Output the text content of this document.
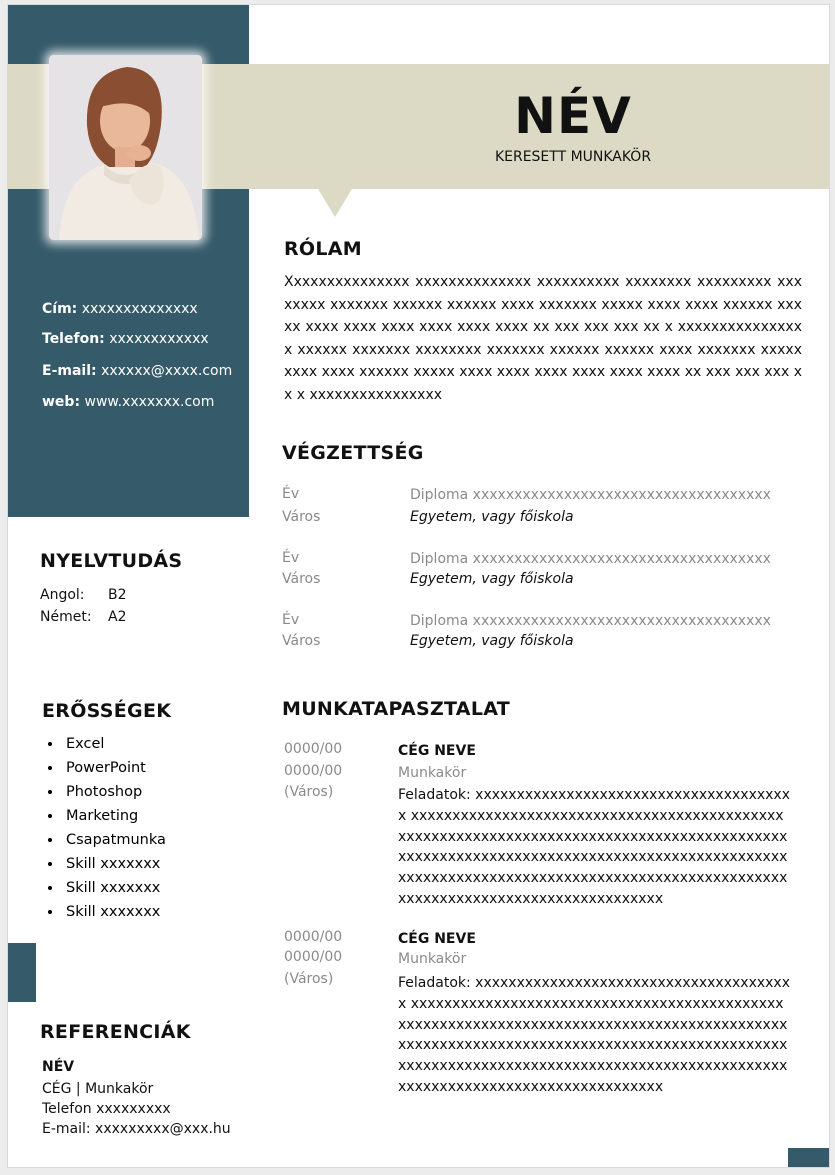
NÉV
KERESETT MUNKAKÖR
Cím: xxxxxxxxxxxxxx
Telefon: xxxxxxxxxxxx
E-mail: xxxxxx@xxxx.com
web: www.xxxxxxx.com
NYELVTUDÁS
Angol: B2
Német: A2
ERŐSSÉGEK
• Excel
• PowerPoint
• Photoshop
• Marketing
• Csapatmunka
• Skill xxxxxxx
• Skill xxxxxxx
• Skill xxxxxxx
REFERENCIÁK
NÉV
CÉG | Munkakör
Telefon xxxxxxxxx
E-mail: xxxxxxxxx@xxx.hu
RÓLAM
Xxxxxxxxxxxxxxx xxxxxxxxxxxxxx xxxxxxxxxx xxxxxxxx xxxxxxxxx xxxxxxxx xxxxxxx xxxxxx xxxxxx xxxx xxxxxxx xxxxx xxxx xxxx xxxxxx xxxxx xxxx xxxx xxxx xxxx xxxx xxxx xx xxx xxx xxx xx x xxxxxxxxxxxxxxxx xxxxxx xxxxxxx xxxxxxxx xxxxxxx xxxxxx xxxxxx xxxx xxxxxxx xxxxx xxxx xxxx xxxxxx xxxxx xxxx xxxx xxxx xxxx xxxx xxxx xx xxx xxx xxx xx x xxxxxxxxxxxxxxxx
VÉGZETTSÉG
Év
Város
Diploma xxxxxxxxxxxxxxxxxxxxxxxxxxxxxxxxxxxx
Egyetem, vagy főiskola
Év
Város
Diploma xxxxxxxxxxxxxxxxxxxxxxxxxxxxxxxxxxxx
Egyetem, vagy főiskola
Év
Város
Diploma xxxxxxxxxxxxxxxxxxxxxxxxxxxxxxxxxxxx
Egyetem, vagy főiskola
MUNKATAPASZTALAT
0000/00
0000/00
(Város)
CÉG NEVE
Munkakör
Feladatok: xxxxxxxxxxxxxxxxxxxxxxxxxxxxxxxxxxxxxxx xxxxxxxxxxxxxxxxxxxxxxxxxxxxxxxxxxxxxxxxxxxxxxxxxxxxxxxxxxxxxxxxxxxxxxxxxxxxxxxxxxxxxxxxxxxxxxxxxxxxxxxxxxxxxxxxxxxxxxxxxxxxxxxxxxxxxxxxxxxxxxxxxxxxxxxxxxxxxxxxxxxxxxxxxxxxxxxxxxxxxxxxxxxxxxxxxxxxxxxxxxxxxxxxxxxxxxxxxx
0000/00
0000/00
(Város)
CÉG NEVE
Munkakör
Feladatok: xxxxxxxxxxxxxxxxxxxxxxxxxxxxxxxxxxxxxxx xxxxxxxxxxxxxxxxxxxxxxxxxxxxxxxxxxxxxxxxxxxxxxxxxxxxxxxxxxxxxxxxxxxxxxxxxxxxxxxxxxxxxxxxxxxxxxxxxxxxxxxxxxxxxxxxxxxxxxxxxxxxxxxxxxxxxxxxxxxxxxxxxxxxxxxxxxxxxxxxxxxxxxxxxxxxxxxxxxxxxxxxxxxxxxxxxxxxxxxxxxxxxxxxxxxxxxxxxx
